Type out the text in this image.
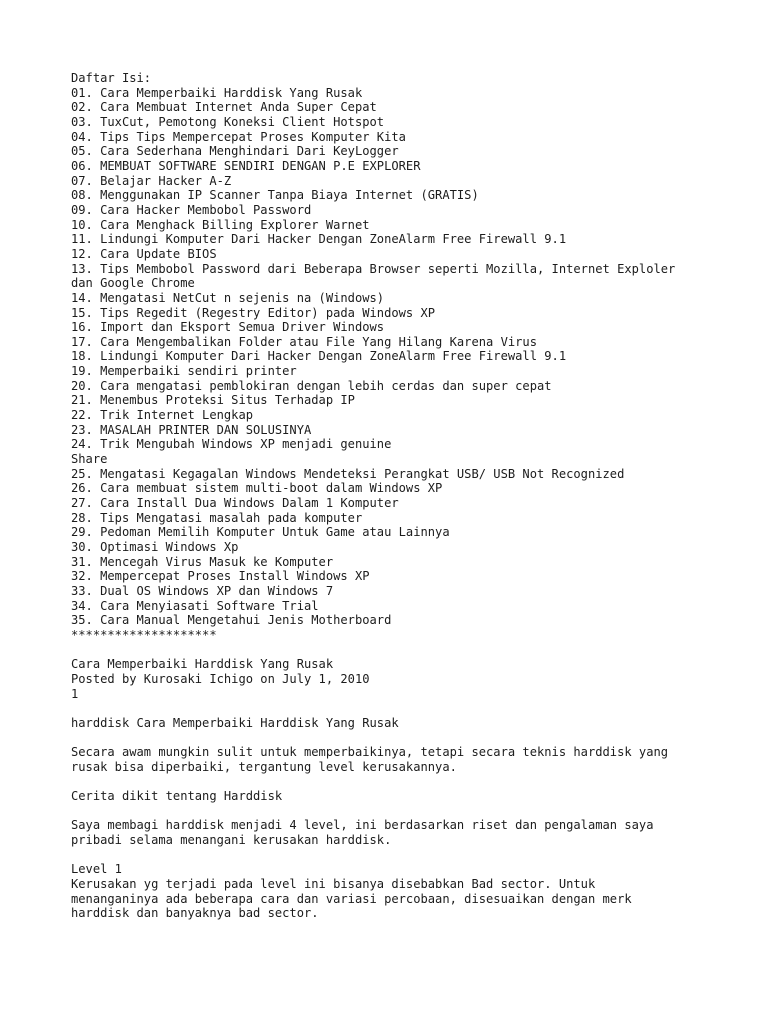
Daftar Isi:
01. Cara Memperbaiki Harddisk Yang Rusak
02. Cara Membuat Internet Anda Super Cepat
03. TuxCut, Pemotong Koneksi Client Hotspot
04. Tips Tips Mempercepat Proses Komputer Kita
05. Cara Sederhana Menghindari Dari KeyLogger
06. MEMBUAT SOFTWARE SENDIRI DENGAN P.E EXPLORER
07. Belajar Hacker A-Z
08. Menggunakan IP Scanner Tanpa Biaya Internet (GRATIS)
09. Cara Hacker Membobol Password
10. Cara Menghack Billing Explorer Warnet
11. Lindungi Komputer Dari Hacker Dengan ZoneAlarm Free Firewall 9.1
12. Cara Update BIOS
13. Tips Membobol Password dari Beberapa Browser seperti Mozilla, Internet Exploler
dan Google Chrome
14. Mengatasi NetCut n sejenis na (Windows)
15. Tips Regedit (Regestry Editor) pada Windows XP
16. Import dan Eksport Semua Driver Windows
17. Cara Mengembalikan Folder atau File Yang Hilang Karena Virus
18. Lindungi Komputer Dari Hacker Dengan ZoneAlarm Free Firewall 9.1
19. Memperbaiki sendiri printer
20. Cara mengatasi pemblokiran dengan lebih cerdas dan super cepat
21. Menembus Proteksi Situs Terhadap IP
22. Trik Internet Lengkap
23. MASALAH PRINTER DAN SOLUSINYA
24. Trik Mengubah Windows XP menjadi genuine
Share
25. Mengatasi Kegagalan Windows Mendeteksi Perangkat USB/ USB Not Recognized
26. Cara membuat sistem multi-boot dalam Windows XP
27. Cara Install Dua Windows Dalam 1 Komputer
28. Tips Mengatasi masalah pada komputer
29. Pedoman Memilih Komputer Untuk Game atau Lainnya
30. Optimasi Windows Xp
31. Mencegah Virus Masuk ke Komputer
32. Mempercepat Proses Install Windows XP
33. Dual OS Windows XP dan Windows 7
34. Cara Menyiasati Software Trial
35. Cara Manual Mengetahui Jenis Motherboard
********************
Cara Memperbaiki Harddisk Yang Rusak
Posted by Kurosaki Ichigo on July 1, 2010
1
harddisk Cara Memperbaiki Harddisk Yang Rusak
Secara awam mungkin sulit untuk memperbaikinya, tetapi secara teknis harddisk yang
rusak bisa diperbaiki, tergantung level kerusakannya.
Cerita dikit tentang Harddisk
Saya membagi harddisk menjadi 4 level, ini berdasarkan riset dan pengalaman saya
pribadi selama menangani kerusakan harddisk.
Level 1
Kerusakan yg terjadi pada level ini bisanya disebabkan Bad sector. Untuk
menanganinya ada beberapa cara dan variasi percobaan, disesuaikan dengan merk
harddisk dan banyaknya bad sector.
